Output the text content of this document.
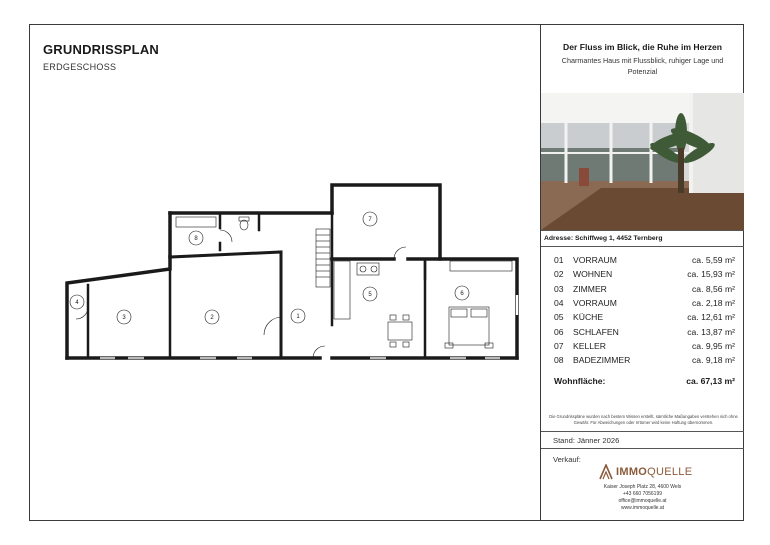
GRUNDRISSPLAN
ERDGESCHOSS
1
2
3
4
5	6
7
8
Der Fluss im Blick, die Ruhe im Herzen
Charmantes Haus mit Flussblick, ruhiger Lage und Potenzial
Adresse: Schiffweg 1, 4452 Ternberg
01	VORRAUM	ca. 5,59 m²
02	WOHNEN	ca. 15,93 m²
03	ZIMMER	ca. 8,56 m²
04	VORRAUM	ca. 2,18 m²
05	KÜCHE	ca. 12,61 m²
06	SCHLAFEN	ca. 13,87 m²
07	KELLER	ca. 9,95 m²
08	BADEZIMMER	ca. 9,18 m²
Wohnfläche:	ca. 67,13 m²
Die Grundrisspläne wurden nach bestem Wissen erstellt, sämtliche Maßangaben verstehen sich ohne Gewähr. Für Abweichungen oder Irrtümer wird keine Haftung übernommen.
Stand: Jänner 2026
Verkauf:
IMMOQUELLE
Kaiser Joseph Platz 28, 4600 Wels
+43 660 7056199
office@immoquelle.at
www.immoquelle.at
